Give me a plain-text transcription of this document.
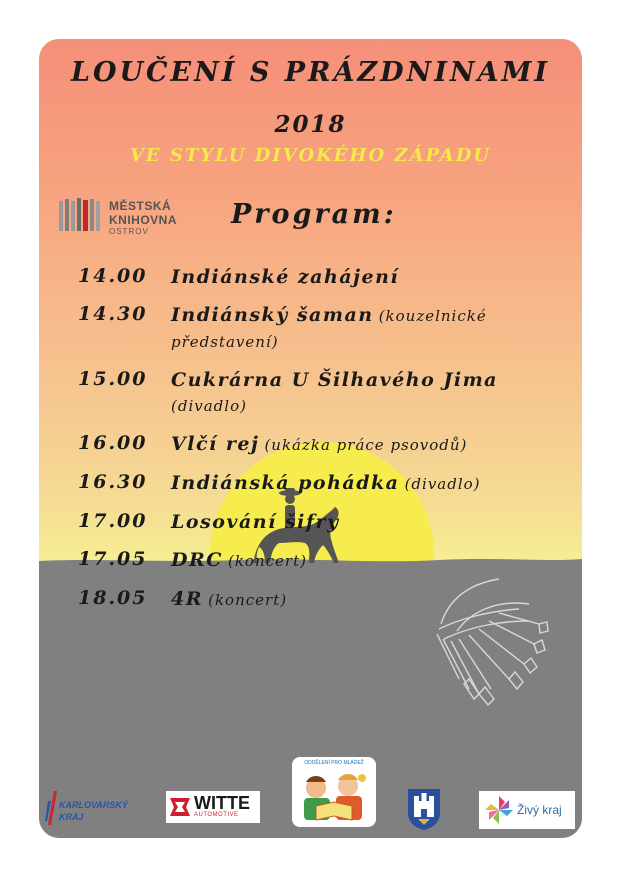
LOUČENÍ S PRÁZDNINAMI
2018
VE STYLU DIVOKÉHO ZÁPADU
MĚSTSKÁ
KNIHOVNA
OSTROV
Program:
14.00	Indiánské zahájení
14.30	Indiánský šaman (kouzelnické představení)
15.00	Cukrárna U Šilhavého Jima
(divadlo)
16.00	Vlčí rej (ukázka práce psovodů)
16.30	Indiánská pohádka (divadlo)
17.00	Losování šifry
17.05	DRC (koncert)
18.05	4R (koncert)
KARLOVARSKÝ KRAJ
WITTE
AUTOMOTIVE
ODDĚLENÍ PRO MLÁDEŽ
Živý kraj
